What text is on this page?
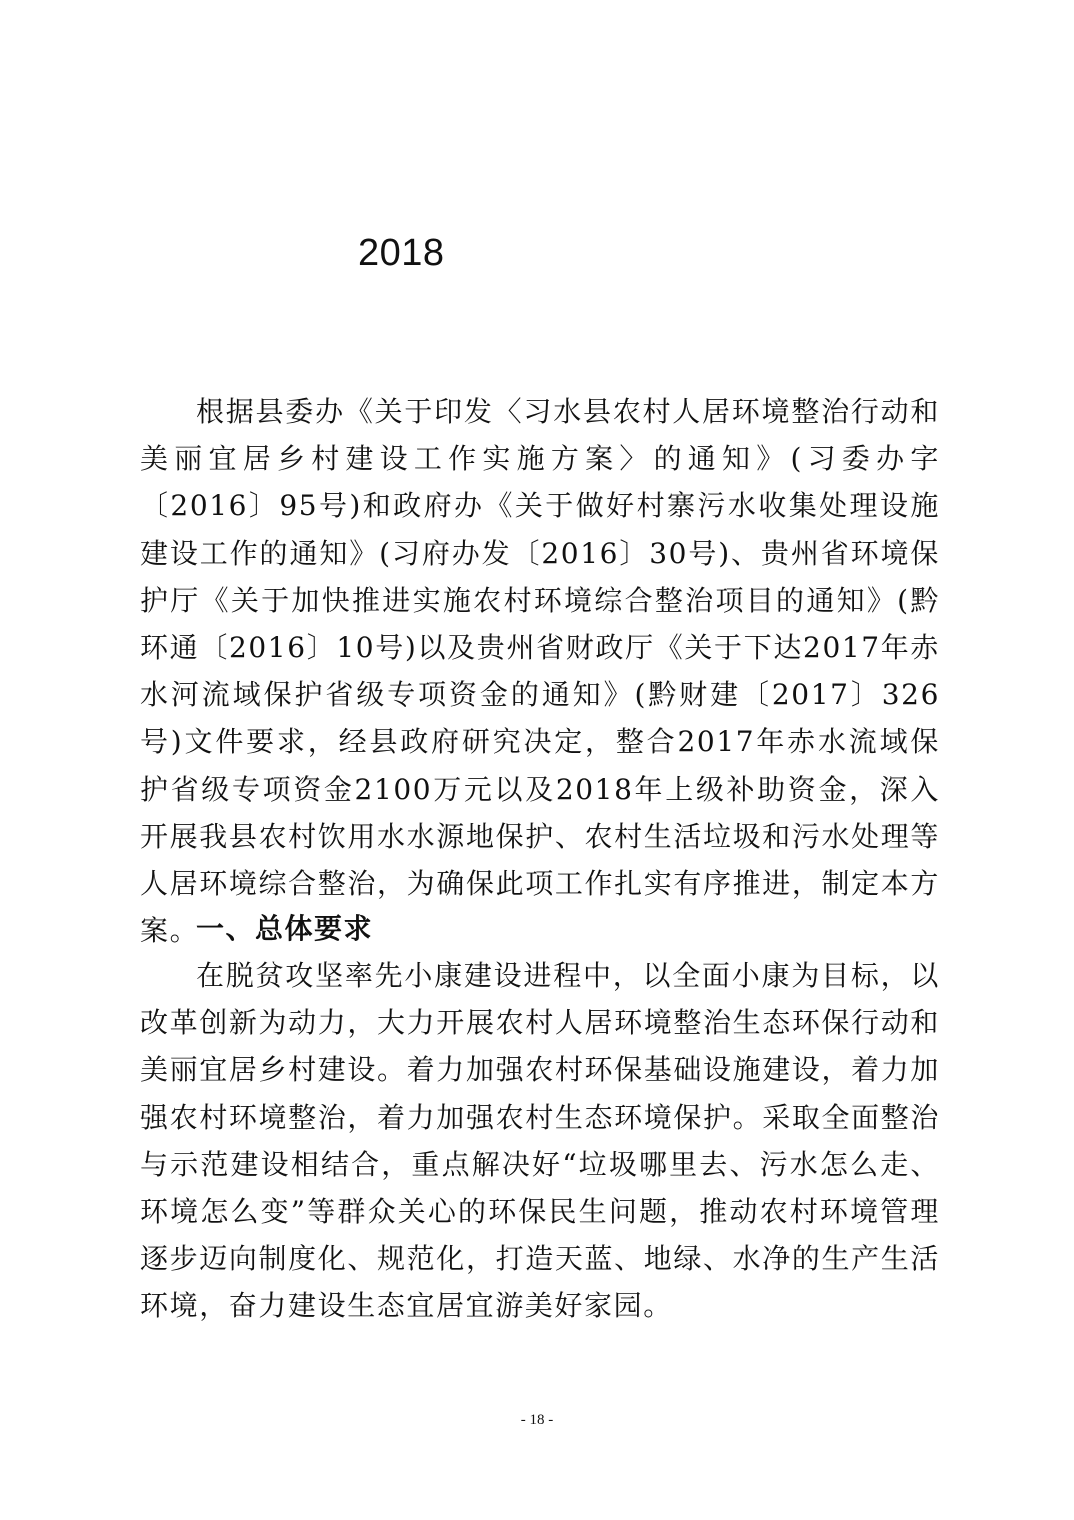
2018

根据县委办《关于印发〈习水县农村人居环境整治行动和美丽宜居乡村建设工作实施方案〉的通知》(习委办字〔2016〕95号)和政府办《关于做好村寨污水收集处理设施建设工作的通知》(习府办发〔2016〕30号)、贵州省环境保护厅《关于加快推进实施农村环境综合整治项目的通知》(黔环通〔2016〕10号)以及贵州省财政厅《关于下达2017年赤水河流域保护省级专项资金的通知》(黔财建〔2017〕326号)文件要求，经县政府研究决定，整合2017年赤水流域保护省级专项资金2100万元以及2018年上级补助资金，深入开展我县农村饮用水水源地保护、农村生活垃圾和污水处理等人居环境综合整治，为确保此项工作扎实有序推进，制定本方案。

一、总体要求

在脱贫攻坚率先小康建设进程中，以全面小康为目标，以改革创新为动力，大力开展农村人居环境整治生态环保行动和美丽宜居乡村建设。着力加强农村环保基础设施建设，着力加强农村环境整治，着力加强农村生态环境保护。采取全面整治与示范建设相结合，重点解决好“垃圾哪里去、污水怎么走、环境怎么变”等群众关心的环保民生问题，推动农村环境管理逐步迈向制度化、规范化，打造天蓝、地绿、水净的生产生活环境，奋力建设生态宜居宜游美好家园。

- 18 -
